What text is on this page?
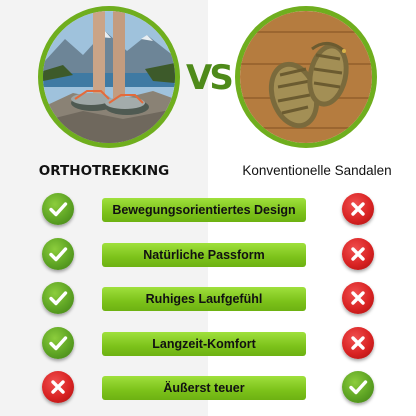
VS
ORTHOTREKKING	Konventionelle Sandalen
Bewegungsorientiertes Design
Natürliche Passform
Ruhiges Laufgefühl
Langzeit-Komfort
Äußerst teuer
